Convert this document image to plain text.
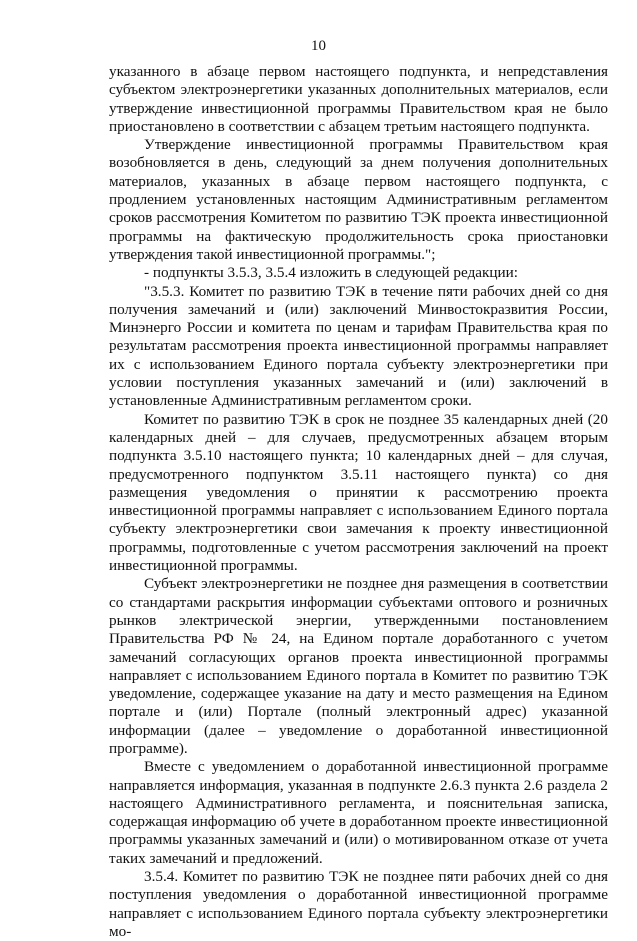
10

указанного в абзаце первом настоящего подпункта, и непредставления субъектом электроэнергетики указанных дополнительных материалов, если утверждение инвестиционной программы Правительством края не было приостановлено в соответствии с абзацем третьим настоящего подпункта.

Утверждение инвестиционной программы Правительством края возобновляется в день, следующий за днем получения дополнительных материалов, указанных в абзаце первом настоящего подпункта, с продлением установленных настоящим Административным регламентом сроков рассмотрения Комитетом по развитию ТЭК проекта инвестиционной программы на фактическую продолжительность срока приостановки утверждения такой инвестиционной программы.";

- подпункты 3.5.3, 3.5.4 изложить в следующей редакции:

"3.5.3. Комитет по развитию ТЭК в течение пяти рабочих дней со дня получения замечаний и (или) заключений Минвостокразвития России, Минэнерго России и комитета по ценам и тарифам Правительства края по результатам рассмотрения проекта инвестиционной программы направляет их с использованием Единого портала субъекту электроэнергетики при условии поступления указанных замечаний и (или) заключений в установленные Административным регламентом сроки.

Комитет по развитию ТЭК в срок не позднее 35 календарных дней (20 календарных дней – для случаев, предусмотренных абзацем вторым подпункта 3.5.10 настоящего пункта; 10 календарных дней – для случая, предусмотренного подпунктом 3.5.11 настоящего пункта) со дня размещения уведомления о принятии к рассмотрению проекта инвестиционной программы направляет с использованием Единого портала субъекту электроэнергетики свои замечания к проекту инвестиционной программы, подготовленные с учетом рассмотрения заключений на проект инвестиционной программы.

Субъект электроэнергетики не позднее дня размещения в соответствии со стандартами раскрытия информации субъектами оптового и розничных рынков электрической энергии, утвержденными постановлением Правительства РФ № 24, на Едином портале доработанного с учетом замечаний согласующих органов проекта инвестиционной программы направляет с использованием Единого портала в Комитет по развитию ТЭК уведомление, содержащее указание на дату и место размещения на Едином портале и (или) Портале (полный электронный адрес) указанной информации (далее – уведомление о доработанной инвестиционной программе).

Вместе с уведомлением о доработанной инвестиционной программе направляется информация, указанная в подпункте 2.6.3 пункта 2.6 раздела 2 настоящего Административного регламента, и пояснительная записка, содержащая информацию об учете в доработанном проекте инвестиционной программы указанных замечаний и (или) о мотивированном отказе от учета таких замечаний и предложений.

3.5.4. Комитет по развитию ТЭК не позднее пяти рабочих дней со дня поступления уведомления о доработанной инвестиционной программе направляет с использованием Единого портала субъекту электроэнергетики мо-
